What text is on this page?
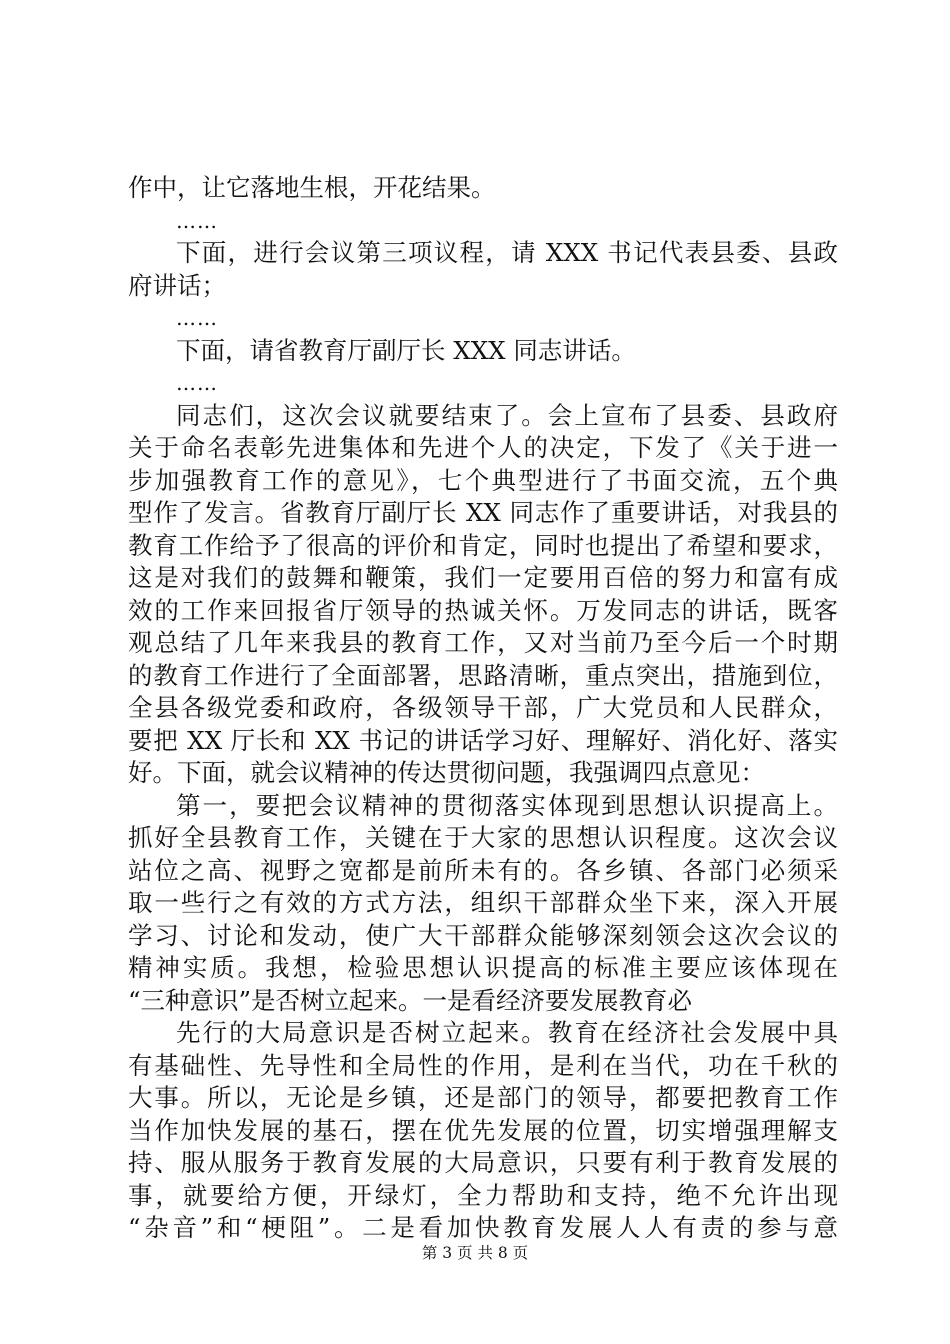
作中，让它落地生根，开花结果。
……
下面，进行会议第三项议程，请 XXX 书记代表县委、县政
府讲话；
……
下面，请省教育厅副厅长 XXX 同志讲话。
……
同志们，这次会议就要结束了。会上宣布了县委、县政府
关于命名表彰先进集体和先进个人的决定，下发了《关于进一
步加强教育工作的意见》，七个典型进行了书面交流，五个典
型作了发言。省教育厅副厅长 XX 同志作了重要讲话，对我县的
教育工作给予了很高的评价和肯定，同时也提出了希望和要求，
这是对我们的鼓舞和鞭策，我们一定要用百倍的努力和富有成
效的工作来回报省厅领导的热诚关怀。万发同志的讲话，既客
观总结了几年来我县的教育工作，又对当前乃至今后一个时期
的教育工作进行了全面部署，思路清晰，重点突出，措施到位，
全县各级党委和政府，各级领导干部，广大党员和人民群众，
要把 XX 厅长和 XX 书记的讲话学习好、理解好、消化好、落实
好。下面，就会议精神的传达贯彻问题，我强调四点意见：
第一，要把会议精神的贯彻落实体现到思想认识提高上。
抓好全县教育工作，关键在于大家的思想认识程度。这次会议
站位之高、视野之宽都是前所未有的。各乡镇、各部门必须采
取一些行之有效的方式方法，组织干部群众坐下来，深入开展
学习、讨论和发动，使广大干部群众能够深刻领会这次会议的
精神实质。我想，检验思想认识提高的标准主要应该体现在
“三种意识”是否树立起来。一是看经济要发展教育必
先行的大局意识是否树立起来。教育在经济社会发展中具
有基础性、先导性和全局性的作用，是利在当代，功在千秋的
大事。所以，无论是乡镇，还是部门的领导，都要把教育工作
当作加快发展的基石，摆在优先发展的位置，切实增强理解支
持、服从服务于教育发展的大局意识，只要有利于教育发展的
事，就要给方便，开绿灯，全力帮助和支持，绝不允许出现
“杂音”和“梗阻”。二是看加快教育发展人人有责的参与意
第 3 页 共 8 页
